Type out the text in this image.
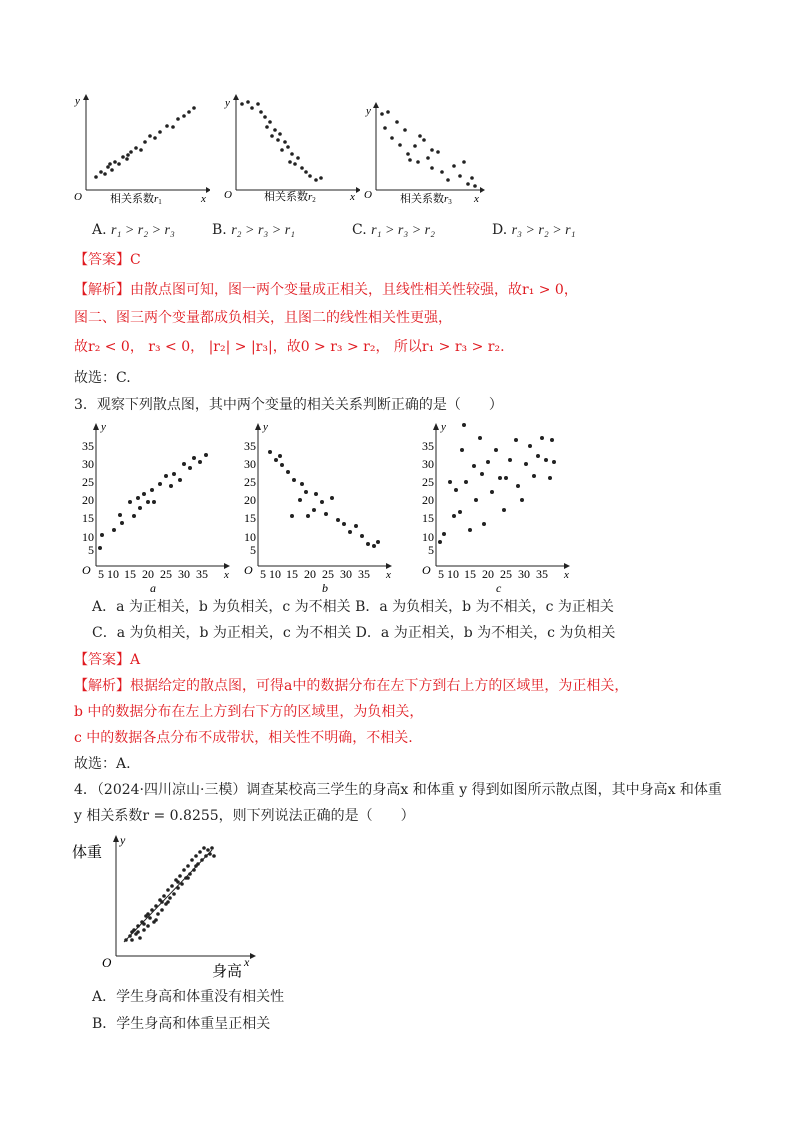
y
x
O	相关系数r1
y
x
O	相关系数r2
y
x
O	相关系数r3
A. r₁ > r₂ > r₃	B. r₂ > r₃ > r₁	C. r₁ > r₃ > r₂	D. r₃ > r₂ > r₁
【答案】C
【解析】由散点图可知，图一两个变量成正相关，且线性相关性较强，故r₁ > 0，
图二、图三两个变量都成负相关，且图二的线性相关性更强，
故r₂ < 0， r₃ < 0， |r₂| > |r₃|，故0 > r₃ > r₂， 所以r₁ > r₃ > r₂.
故选：C.
3．观察下列散点图，其中两个变量的相关关系判断正确的是（　　）
y
x
O
35
30
25
20
15
10
5
5 10 15 20 25 30 35
a
y
x
O
35
30
25
20
15
10
5
5 10 15 20 25 30 35
b
y
x
O
35
30
25
20
15
10
5
5 10 15 20 25 30 35
c
A．a 为正相关，b 为负相关，c 为不相关 B．a 为负相关，b 为不相关，c 为正相关
C．a 为负相关，b 为正相关，c 为不相关 D．a 为正相关，b 为不相关，c 为负相关
【答案】A
【解析】根据给定的散点图，可得a中的数据分布在左下方到右上方的区域里，为正相关，
b 中的数据分布在左上方到右下方的区域里，为负相关，
c 中的数据各点分布不成带状，相关性不明确，不相关.
故选：A.
4．（2024·四川凉山·三模）调查某校高三学生的身高x 和体重 y 得到如图所示散点图，其中身高x 和体重
y 相关系数r = 0.8255，则下列说法正确的是（　　）
体重
y
O
身高
x
A．学生身高和体重没有相关性
B．学生身高和体重呈正相关
